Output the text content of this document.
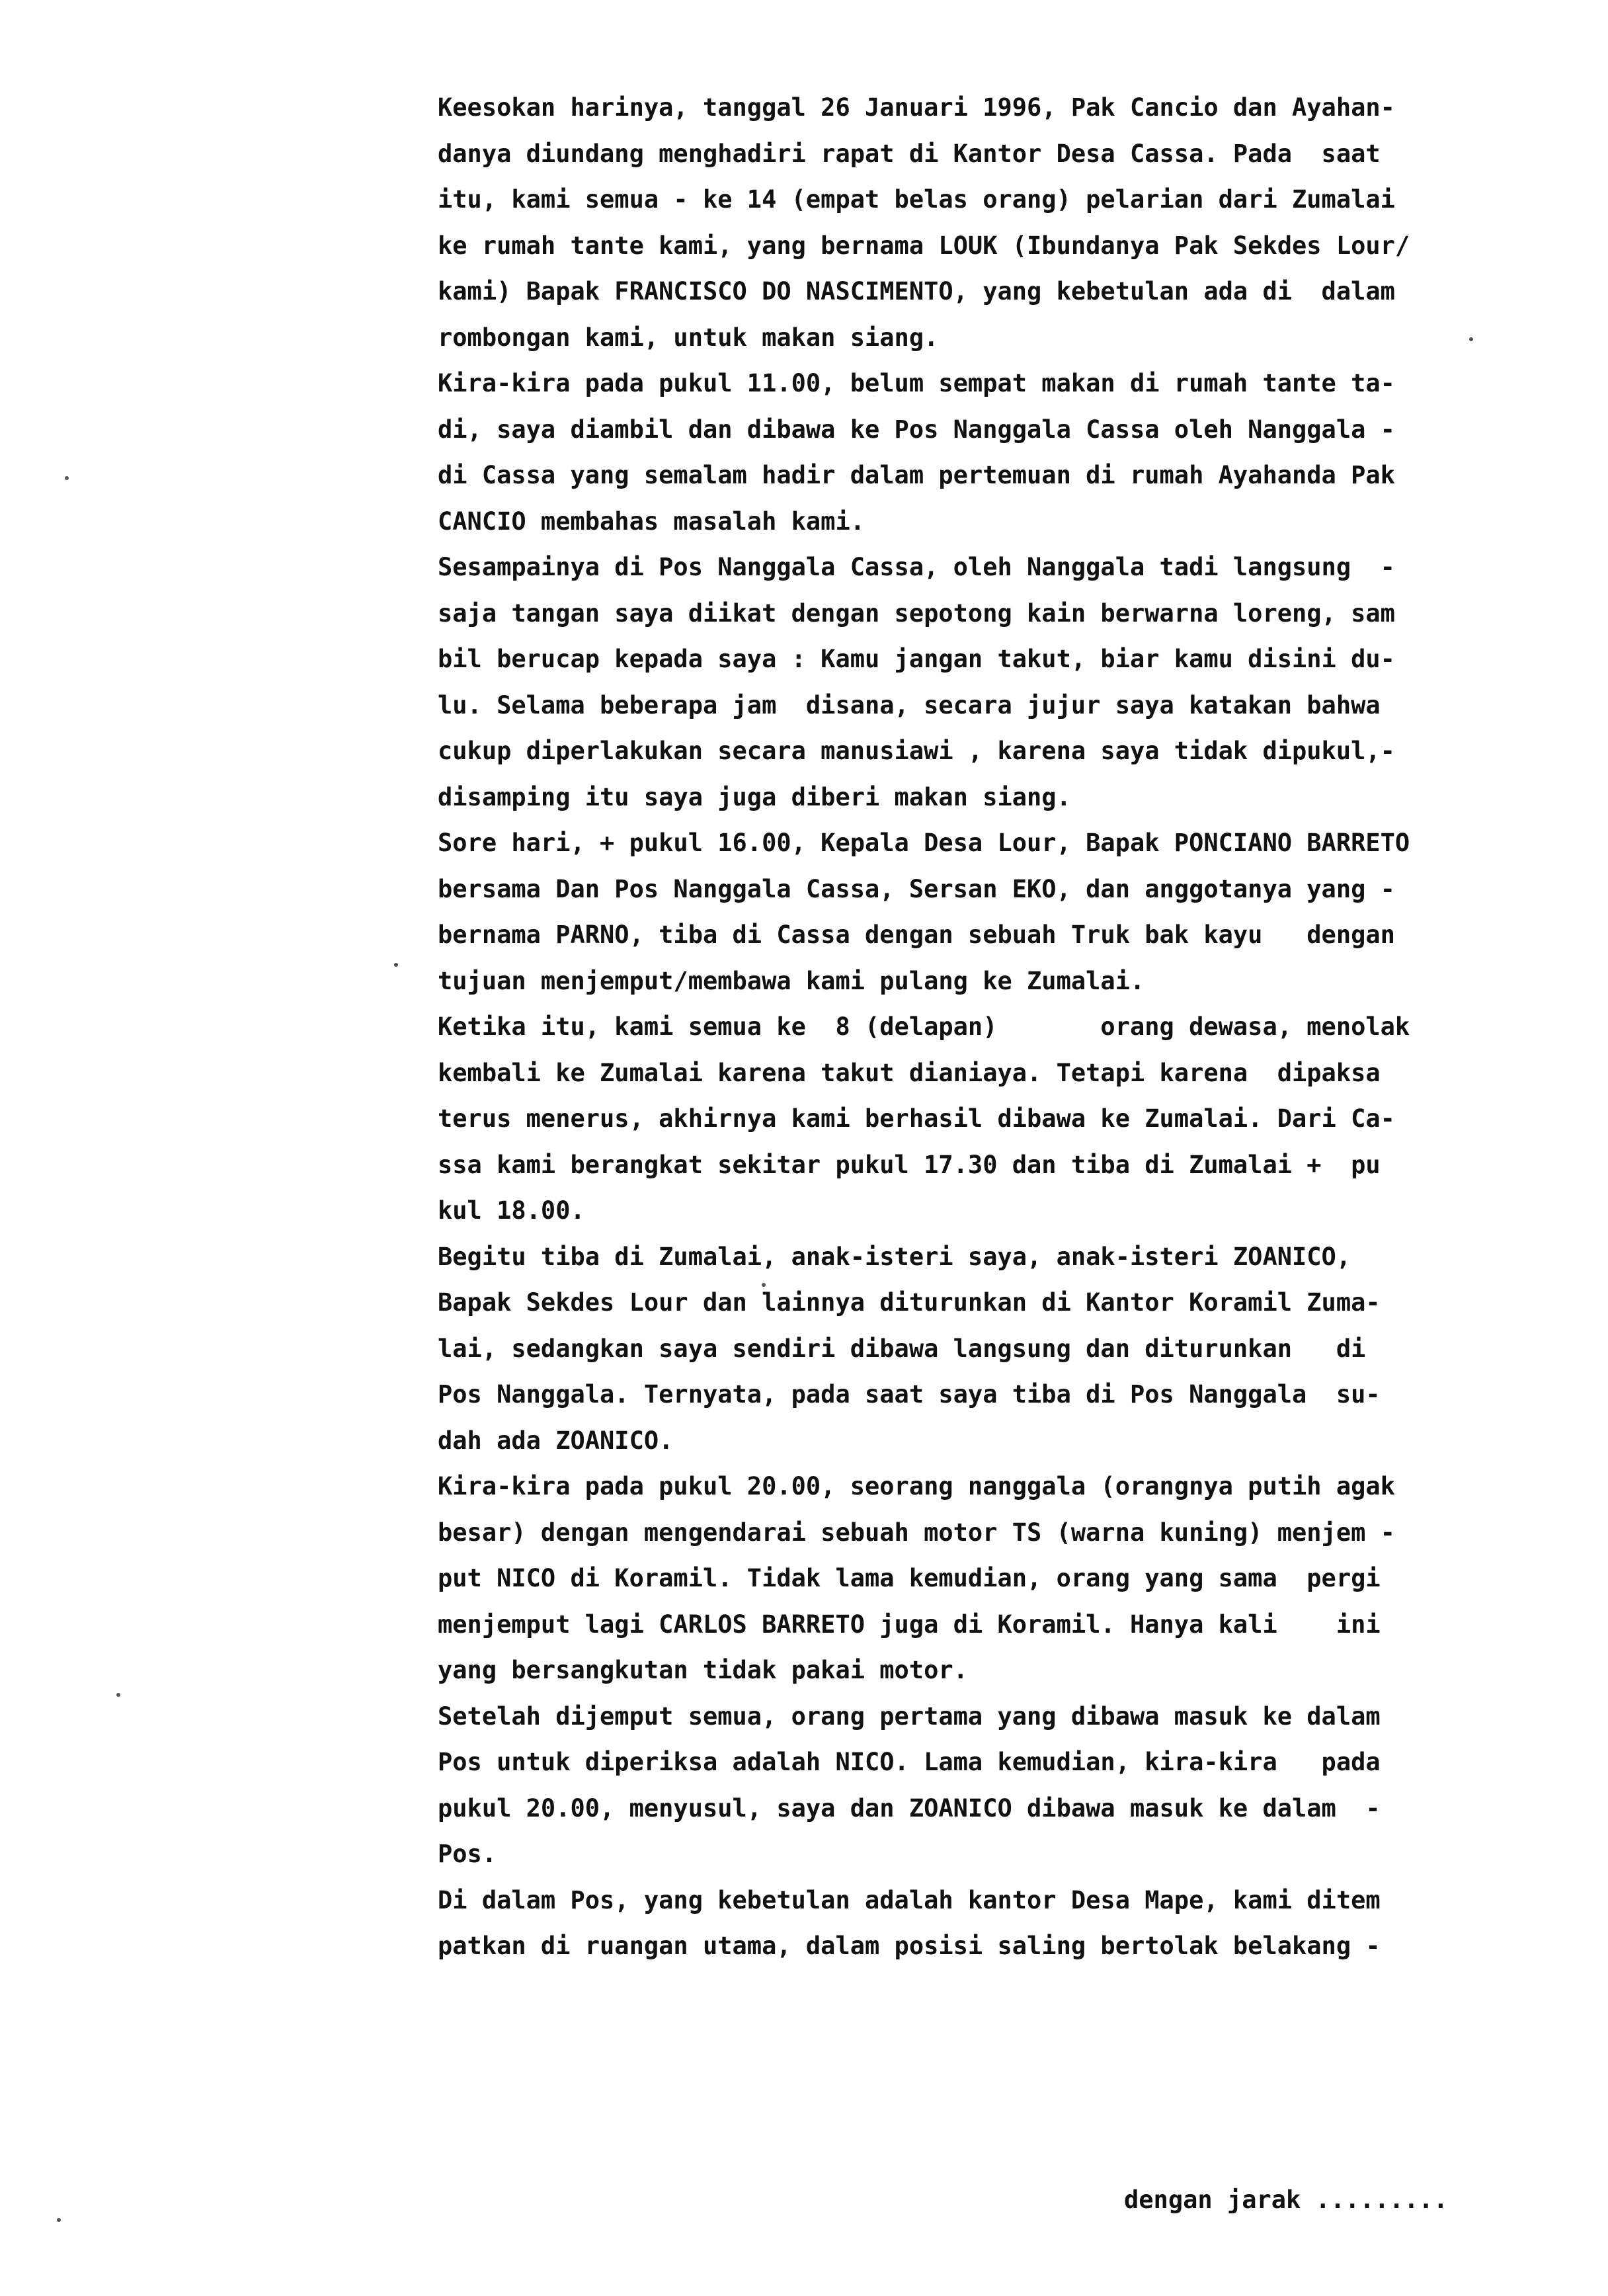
Keesokan harinya, tanggal 26 Januari 1996, Pak Cancio dan Ayahan-
danya diundang menghadiri rapat di Kantor Desa Cassa. Pada  saat
itu, kami semua - ke 14 (empat belas orang) pelarian dari Zumalai
ke rumah tante kami, yang bernama LOUK (Ibundanya Pak Sekdes Lour/
kami) Bapak FRANCISCO DO NASCIMENTO, yang kebetulan ada di  dalam
rombongan kami, untuk makan siang.
Kira-kira pada pukul 11.00, belum sempat makan di rumah tante ta-
di, saya diambil dan dibawa ke Pos Nanggala Cassa oleh Nanggala -
di Cassa yang semalam hadir dalam pertemuan di rumah Ayahanda Pak
CANCIO membahas masalah kami.
Sesampainya di Pos Nanggala Cassa, oleh Nanggala tadi langsung  -
saja tangan saya diikat dengan sepotong kain berwarna loreng, sam
bil berucap kepada saya : Kamu jangan takut, biar kamu disini du-
lu. Selama beberapa jam  disana, secara jujur saya katakan bahwa
cukup diperlakukan secara manusiawi , karena saya tidak dipukul,-
disamping itu saya juga diberi makan siang.
Sore hari, + pukul 16.00, Kepala Desa Lour, Bapak PONCIANO BARRETO
bersama Dan Pos Nanggala Cassa, Sersan EKO, dan anggotanya yang -
bernama PARNO, tiba di Cassa dengan sebuah Truk bak kayu   dengan
tujuan menjemput/membawa kami pulang ke Zumalai.
Ketika itu, kami semua ke  8 (delapan)       orang dewasa, menolak
kembali ke Zumalai karena takut dianiaya. Tetapi karena  dipaksa
terus menerus, akhirnya kami berhasil dibawa ke Zumalai. Dari Ca-
ssa kami berangkat sekitar pukul 17.30 dan tiba di Zumalai +  pu
kul 18.00.
Begitu tiba di Zumalai, anak-isteri saya, anak-isteri ZOANICO,
Bapak Sekdes Lour dan lainnya diturunkan di Kantor Koramil Zuma-
lai, sedangkan saya sendiri dibawa langsung dan diturunkan   di
Pos Nanggala. Ternyata, pada saat saya tiba di Pos Nanggala  su-
dah ada ZOANICO.
Kira-kira pada pukul 20.00, seorang nanggala (orangnya putih agak
besar) dengan mengendarai sebuah motor TS (warna kuning) menjem -
put NICO di Koramil. Tidak lama kemudian, orang yang sama  pergi
menjemput lagi CARLOS BARRETO juga di Koramil. Hanya kali    ini
yang bersangkutan tidak pakai motor.
Setelah dijemput semua, orang pertama yang dibawa masuk ke dalam
Pos untuk diperiksa adalah NICO. Lama kemudian, kira-kira   pada
pukul 20.00, menyusul, saya dan ZOANICO dibawa masuk ke dalam  -
Pos.
Di dalam Pos, yang kebetulan adalah kantor Desa Mape, kami ditem
patkan di ruangan utama, dalam posisi saling bertolak belakang -
dengan jarak .........
